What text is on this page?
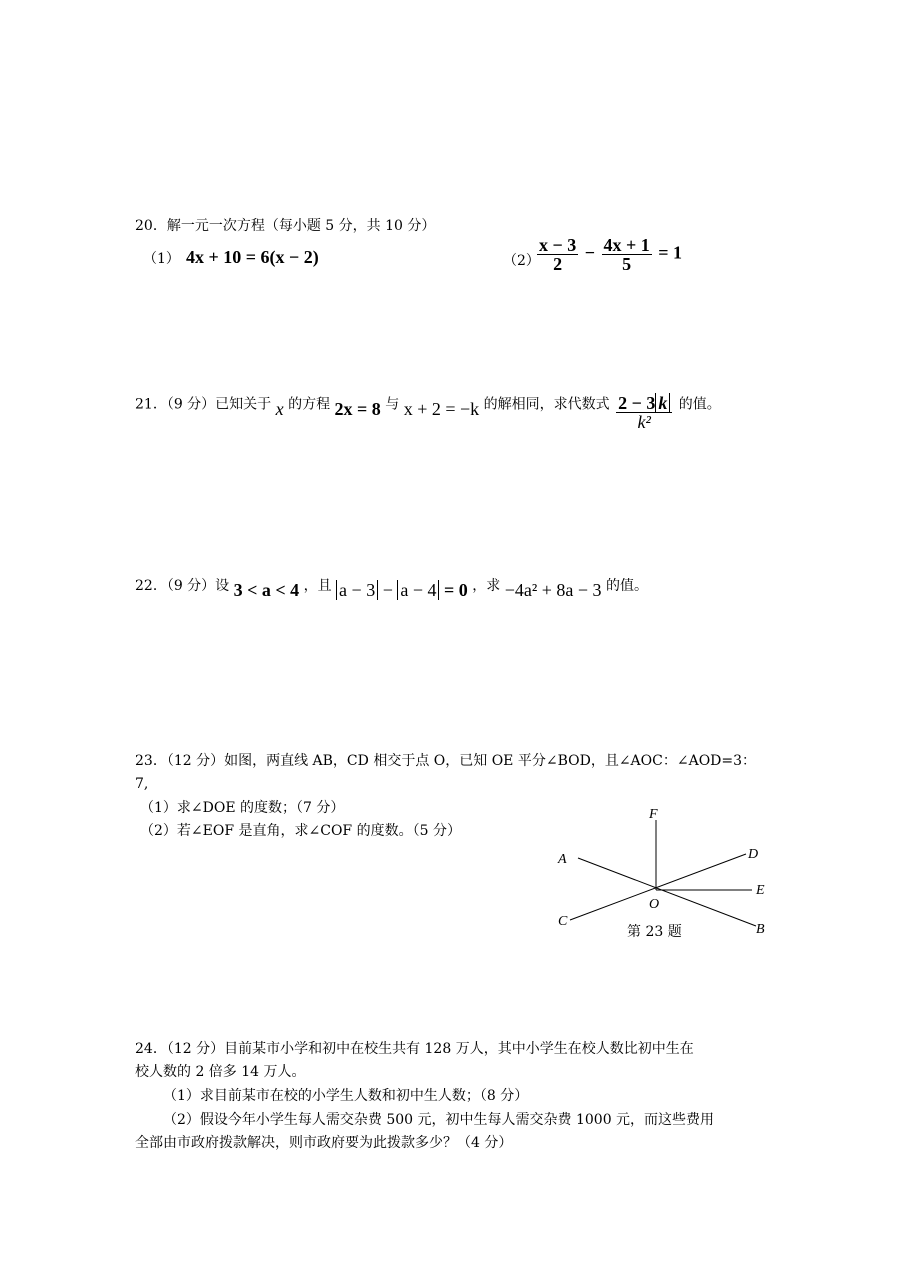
20．解一元一次方程（每小题 5 分，共 10 分）
（1） 4x + 10 = 6(x − 2)	（2）
$\frac{x - 3}{2} - \frac{4x + 1}{5} = 1$
21．（9 分）已知关于 x 的方程 2x = 8 与 x + 2 = −k 的解相同，求代数式 $\frac{2 - 3 k}{\text{k²}}$ 的值。
22．（9 分）设 3 < a < 4 ，且 a − 3 − a − 4 = 0 ，求 −4a² + 8a − 3 的值。
23．（12 分）如图，两直线 AB，CD 相交于点 O，已知 OE 平分∠BOD，且∠AOC：∠AOD=3：
7,
（1）求∠DOE 的度数；（7 分）
（2）若∠EOF 是直角，求∠COF 的度数。（5 分）
F
A	D
E
O
C
B
第 23 题
24．（12 分）目前某市小学和初中在校生共有 128 万人，其中小学生在校人数比初中生在
校人数的 2 倍多 14 万人。
（1）求目前某市在校的小学生人数和初中生人数；（8 分）
（2）假设今年小学生每人需交杂费 500 元，初中生每人需交杂费 1000 元，而这些费用
全部由市政府拨款解决，则市政府要为此拨款多少？（4 分）
